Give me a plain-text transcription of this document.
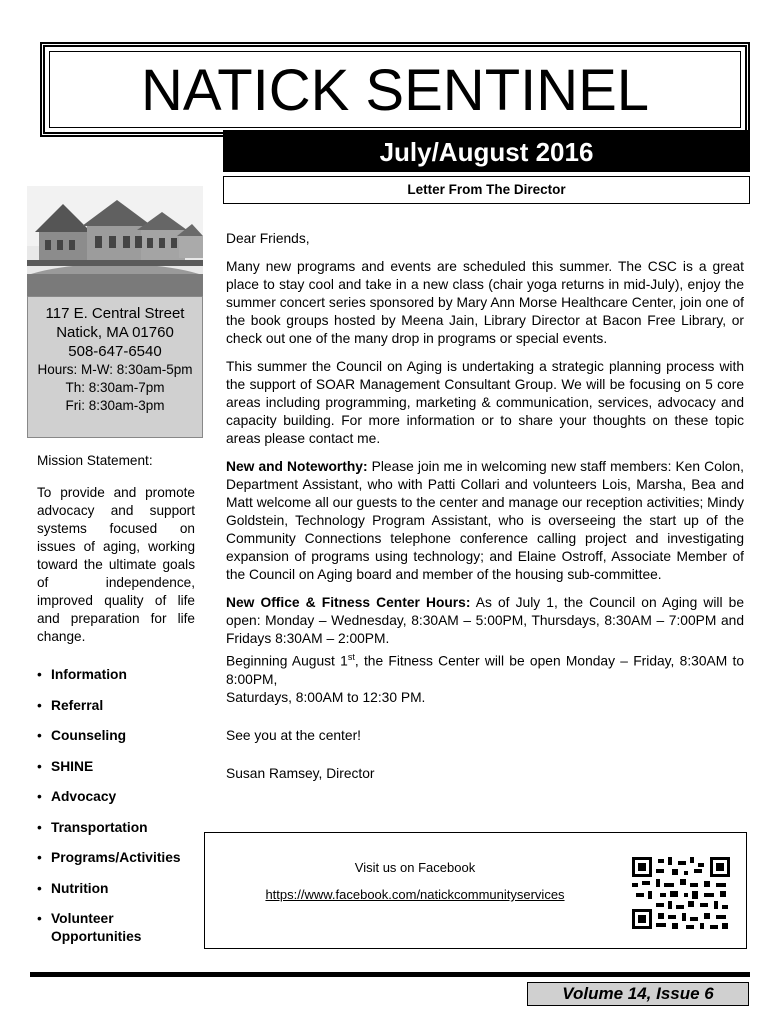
NATICK SENTINEL
July/August 2016
Letter From The Director
117 E. Central Street
Natick, MA 01760
508-647-6540
Hours: M-W: 8:30am-5pm
Th: 8:30am-7pm
Fri: 8:30am-3pm

Mission Statement:

To provide and promote advocacy and support systems focused on issues of aging, working toward the ultimate goals of independence, improved quality of life and preparation for life change.
• Information
• Referral
• Counseling
• SHINE
• Advocacy
• Transportation
• Programs/Activities
• Nutrition
• Volunteer Opportunities

Dear Friends,

Many new programs and events are scheduled this summer. The CSC is a great place to stay cool and take in a new class (chair yoga returns in mid-July), enjoy the summer concert series sponsored by Mary Ann Morse Healthcare Center, join one of the book groups hosted by Meena Jain, Library Director at Bacon Free Library, or check out one of the many drop in programs or special events.

This summer the Council on Aging is undertaking a strategic planning process with the support of SOAR Management Consultant Group. We will be focusing on 5 core areas including programming, marketing & communication, services, advocacy and capacity building. For more information or to share your thoughts on these topic areas please contact me.

New and Noteworthy: Please join me in welcoming new staff members: Ken Colon, Department Assistant, who with Patti Collari and volunteers Lois, Marsha, Bea and Matt welcome all our guests to the center and manage our reception activities; Mindy Goldstein, Technology Program Assistant, who is overseeing the start up of the Community Connections telephone conference calling project and investigating expansion of programs using technology; and Elaine Ostroff, Associate Member of the Council on Aging board and member of the housing sub-committee.

New Office & Fitness Center Hours: As of July 1, the Council on Aging will be open: Monday – Wednesday, 8:30AM – 5:00PM, Thursdays, 8:30AM – 7:00PM and Fridays 8:30AM – 2:00PM.

Beginning August 1st, the Fitness Center will be open Monday – Friday, 8:30AM to 8:00PM,

Saturdays, 8:00AM to 12:30 PM.

See you at the center!

Susan Ramsey, Director

Visit us on Facebook
https://www.facebook.com/natickcommunityservices
Volume 14, Issue 6
